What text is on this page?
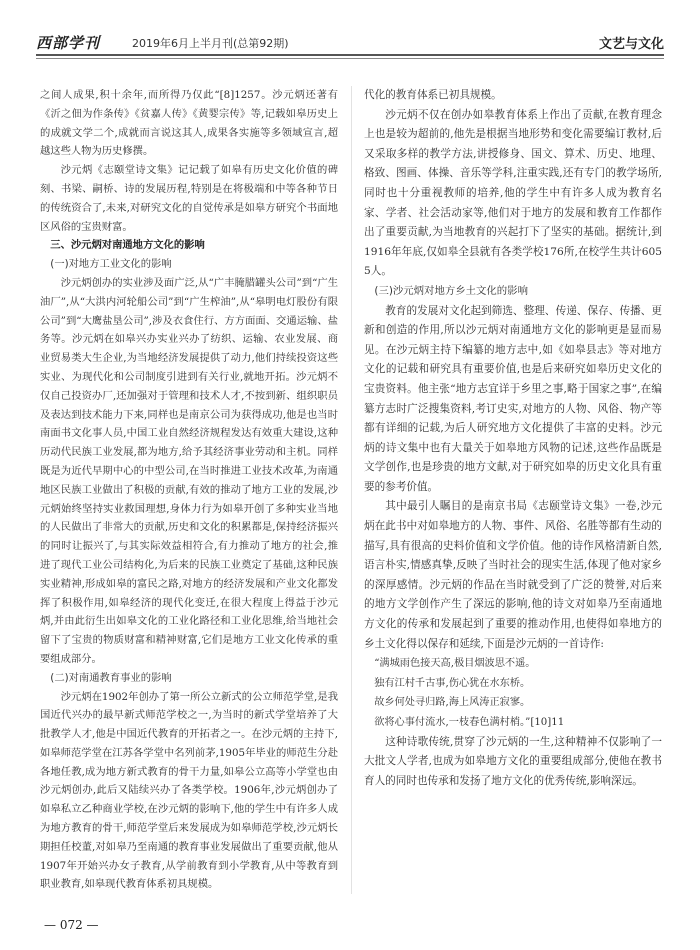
西部学刊	2019年6月上半月刊(总第92期)	文艺与文化

之间人成果,积十余年,而所得乃仅此“[8]1257。沙元炳还著有《沂之佃为作条传》《贫嘉人传》《黄婴宗传》等,记载如皋历史上的成就文学二个,成就而言说这其人,成果各实施等多领域宣言,超越这些人物为历史修撰。

沙元炳《志颐堂诗文集》记记载了如皋有历史文化价值的碑刻、书梁、嗣桥、诗的发展历程,特别是在将极端和中等各种节日的传统资合了,未来,对研究文化的自觉传承是如皋方研究个书面地区风俗的宝贵财富。

三、沙元炳对南通地方文化的影响

(一)对地方工业文化的影响

沙元炳创办的实业涉及面广泛,从“广丰腌腊罐头公司”到“广生油厂”,从“大洪内河轮船公司”到“广生榨油”,从“皋明电灯股份有限公司”到“大鹰盐垦公司”,涉及衣食住行、方方面面、交通运输、盐务等。沙元炳在如皋兴办实业兴办了纺织、运输、农业发展、商业贸易类大生企业,为当地经济发展提供了动力,他们持续投资这些实业、为现代化和公司制度引进到有关行业,就地开拓。沙元炳不仅自己投资办厂,还加强对于管理和技术人才,不按到新、组织职员及表达到技术能力下来,同样也是南京公司为获得成功,他是也当时南面书文化事人员,中国工业自然经济规程发达有效重大建设,这种历动代民族工业发展,都为地方,给予其经济事业劳动和主机。同样既是为近代早期中心的中型公司,在当时推进工业技术改革,为南通地区民族工业做出了积极的贡献,有效的推动了地方工业的发展,沙元炳始终坚持实业救国理想,身体力行为如皋开创了多种实业当地的人民做出了非常大的贡献,历史和文化的积累都是,保持经济振兴的同时让振兴了,与其实际效益相符合,有力推动了地方的社会,推进了现代工业公司结构化,为后来的民族工业奠定了基础,这种民族实业精神,形成如皋的富民之路,对地方的经济发展和产业文化都发挥了积极作用,如皋经济的现代化变迁,在很大程度上得益于沙元炳,并由此衍生出如皋文化的工业化路径和工业化思维,给当地社会留下了宝贵的物质财富和精神财富,它们是地方工业文化传承的重要组成部分。

(二)对南通教育事业的影响

沙元炳在1902年创办了第一所公立新式的公立师范学堂,是我国近代兴办的最早新式师范学校之一,为当时的新式学堂培养了大批教学人才,他是中国近代教育的开拓者之一。在沙元炳的主持下,如皋师范学堂在江苏各学堂中名列前茅,1905年毕业的师范生分赴各地任教,成为地方新式教育的骨干力量,如皋公立高等小学堂也由沙元炳创办,此后又陆续兴办了各类学校。1906年,沙元炳创办了如皋私立乙种商业学校,在沙元炳的影响下,他的学生中有许多人成为地方教育的骨干,师范学堂后来发展成为如皋师范学校,沙元炳长期担任校董,对如皋乃至南通的教育事业发展做出了重要贡献,他从1907年开始兴办女子教育,从学前教育到小学教育,从中等教育到职业教育,如皋现代教育体系初具规模。

代化的教育体系已初具规模。

沙元炳不仅在创办如皋教育体系上作出了贡献,在教育理念上也是较为超前的,他先是根据当地形势和变化需要编订教材,后又采取多样的教学方法,讲授修身、国文、算术、历史、地理、格致、图画、体操、音乐等学科,注重实践,还有专门的教学场所,同时也十分重视教师的培养,他的学生中有许多人成为教育名家、学者、社会活动家等,他们对于地方的发展和教育工作都作出了重要贡献,为当地教育的兴起打下了坚实的基础。据统计,到1916年年底,仅如皋全县就有各类学校176所,在校学生共计6055人。

(三)沙元炳对地方乡土文化的影响

教育的发展对文化起到筛选、整理、传递、保存、传播、更新和创造的作用,所以沙元炳对南通地方文化的影响更是显而易见。在沙元炳主持下编纂的地方志中,如《如皋县志》等对地方文化的记载和研究具有重要价值,也是后来研究如皋历史文化的宝贵资料。他主张“地方志宜详于乡里之事,略于国家之事”,在编纂方志时广泛搜集资料,考订史实,对地方的人物、风俗、物产等都有详细的记载,为后人研究地方文化提供了丰富的史料。沙元炳的诗文集中也有大量关于如皋地方风物的记述,这些作品既是文学创作,也是珍贵的地方文献,对于研究如皋的历史文化具有重要的参考价值。

其中最引人瞩目的是南京书局《志颐堂诗文集》一卷,沙元炳在此书中对如皋地方的人物、事件、风俗、名胜等都有生动的描写,具有很高的史料价值和文学价值。他的诗作风格清新自然,语言朴实,情感真挚,反映了当时社会的现实生活,体现了他对家乡的深厚感情。沙元炳的作品在当时就受到了广泛的赞誉,对后来的地方文学创作产生了深远的影响,他的诗文对如皋乃至南通地方文化的传承和发展起到了重要的推动作用,也使得如皋地方的乡土文化得以保存和延续,下面是沙元炳的一首诗作:

“满城雨色接天高,极目烟波思不遥。

独有江村千古事,伤心犹在水东桥。

故乡何处寻归路,海上风涛正寂寥。

欲将心事付流水,一枝春色满村梢。”[10]11

这种诗歌传统,贯穿了沙元炳的一生,这种精神不仅影响了一大批文人学者,也成为如皋地方文化的重要组成部分,使他在教书育人的同时也传承和发扬了地方文化的优秀传统,影响深远。

— 072 —
